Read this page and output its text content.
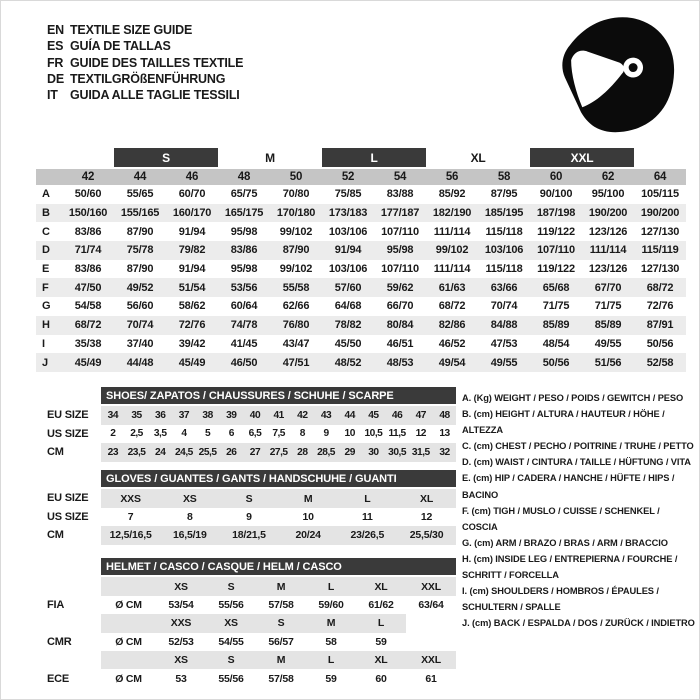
EN TEXTILE SIZE GUIDE
ES GUÍA DE TALLAS
FR GUIDE DES TAILLES TEXTILE
DE TEXTILGRÖßENFÜHRUNG
IT GUIDA ALLE TAGLIE TESSILI
		S		M		L		XL		XXL		
	42	44	46	48	50	52	54	56	58	60	62	64
A	50/60	55/65	60/70	65/75	70/80	75/85	83/88	85/92	87/95	90/100	95/100	105/115
B	150/160	155/165	160/170	165/175	170/180	173/183	177/187	182/190	185/195	187/198	190/200	190/200
C	83/86	87/90	91/94	95/98	99/102	103/106	107/110	111/114	115/118	119/122	123/126	127/130
D	71/74	75/78	79/82	83/86	87/90	91/94	95/98	99/102	103/106	107/110	111/114	115/119
E	83/86	87/90	91/94	95/98	99/102	103/106	107/110	111/114	115/118	119/122	123/126	127/130
F	47/50	49/52	51/54	53/56	55/58	57/60	59/62	61/63	63/66	65/68	67/70	68/72
G	54/58	56/60	58/62	60/64	62/66	64/68	66/70	68/72	70/74	71/75	71/75	72/76
H	68/72	70/74	72/76	74/78	76/80	78/82	80/84	82/86	84/88	85/89	85/89	87/91
I	35/38	37/40	39/42	41/45	43/47	45/50	46/51	46/52	47/53	48/54	49/55	50/56
J	45/49	44/48	45/49	46/50	47/51	48/52	48/53	49/54	49/55	50/56	51/56	52/58
	SHOES/ ZAPATOS / CHAUSSURES / SCHUHE / SCARPE														
EU SIZE	34	35	36	37	38	39	40	41	42	43	44	45	46	47	48
US SIZE	2	2,5	3,5	4	5	6	6,5	7,5	8	9	10	10,5	11,5	12	13
CM	23	23,5	24	24,5	25,5	26	27	27,5	28	28,5	29	30	30,5	31,5	32
	GLOVES / GUANTES / GANTS / HANDSCHUHE / GUANTI					
EU SIZE	XXS	XS	S	M	L	XL
US SIZE	7	8	9	10	11	12
CM	12,5/16,5	16,5/19	18/21,5	20/24	23/26,5	25,5/30
	HELMET / CASCO / CASQUE / HELM / CASCO						
		XS	S	M	L	XL	XXL
FIA	Ø CM	53/54	55/56	57/58	59/60	61/62	63/64
		XXS	XS	S	M	L	
CMR	Ø CM	52/53	54/55	56/57	58	59	
		XS	S	M	L	XL	XXL
ECE	Ø CM	53	55/56	57/58	59	60	61
A. (Kg) WEIGHT / PESO / POIDS / GEWITCH / PESO
B. (cm) HEIGHT / ALTURA / HAUTEUR / HÖHE / ALTEZZA
C. (cm) CHEST / PECHO / POITRINE / TRUHE / PETTO
D. (cm) WAIST / CINTURA / TAILLE / HÜFTUNG / VITA
E. (cm) HIP / CADERA / HANCHE / HÜFTE / HIPS / BACINO
F. (cm) TIGH / MUSLO / CUISSE / SCHENKEL / COSCIA
G. (cm) ARM / BRAZO / BRAS / ARM / BRACCIO
H. (cm) INSIDE LEG / ENTREPIERNA / FOURCHE / SCHRITT / FORCELLA
I. (cm) SHOULDERS / HOMBROS / ÉPAULES / SCHULTERN / SPALLE
J. (cm) BACK / ESPALDA / DOS / ZURÜCK / INDIETRO
